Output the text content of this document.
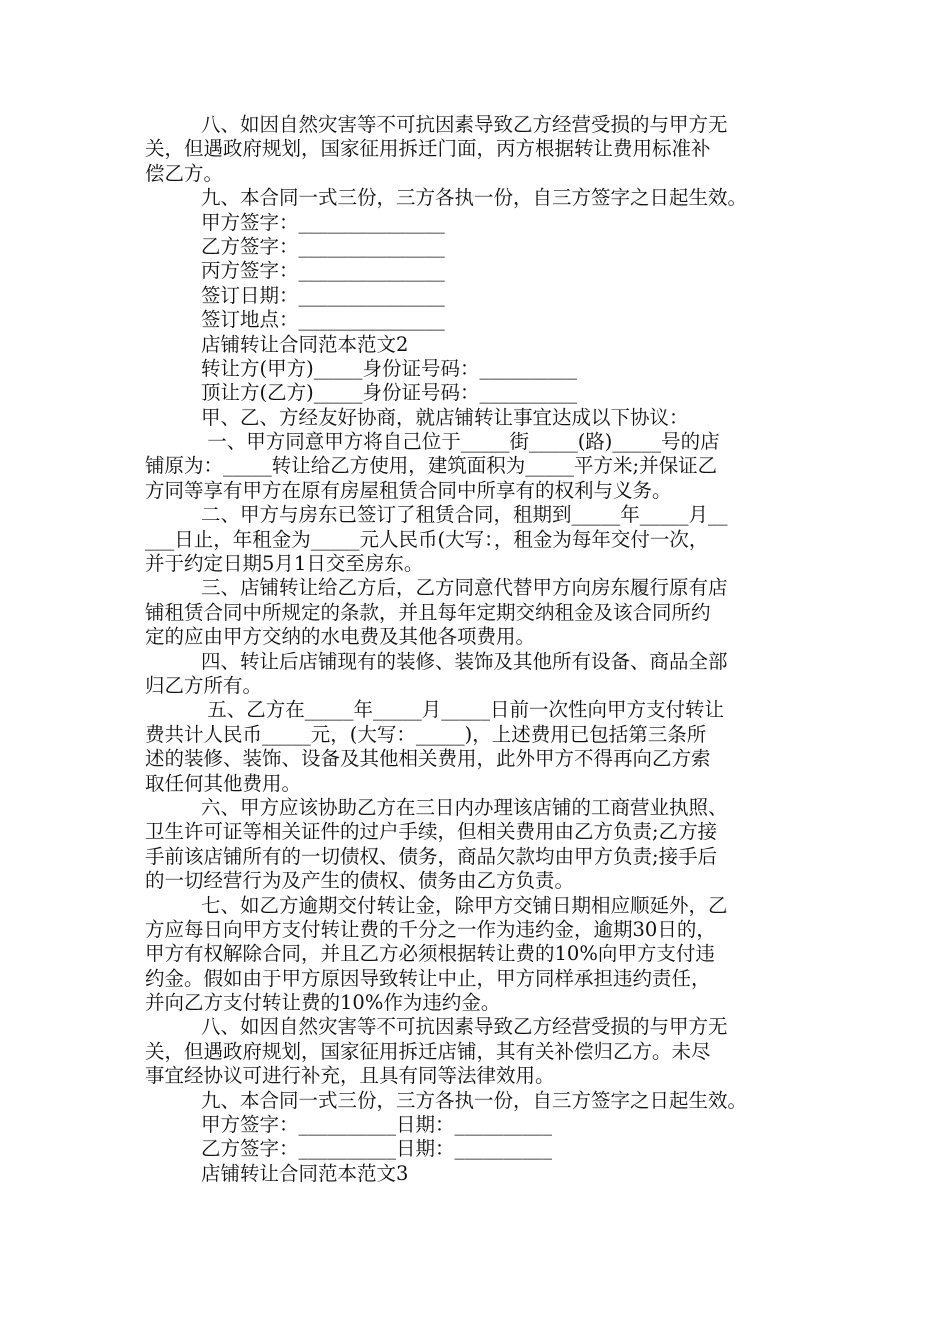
八、如因自然灾害等不可抗因素导致乙方经营受损的与甲方无
关，但遇政府规划，国家征用拆迁门面，丙方根据转让费用标准补
偿乙方。
九、本合同一式三份，三方各执一份，自三方签字之日起生效。
甲方签字：_______________
乙方签字：_______________
丙方签字：_______________
签订日期：_______________
签订地点：_______________
店铺转让合同范本范文2
转让方(甲方)_____身份证号码：__________
顶让方(乙方)_____身份证号码：__________
甲、乙、方经友好协商，就店铺转让事宜达成以下协议：
一、甲方同意甲方将自己位于_____街_____(路)_____号的店
铺原为：_____转让给乙方使用，建筑面积为_____平方米;并保证乙
方同等享有甲方在原有房屋租赁合同中所享有的权利与义务。
二、甲方与房东已签订了租赁合同，租期到_____年_____月__
___日止，年租金为_____元人民币(大写：，租金为每年交付一次，
并于约定日期5月1日交至房东。
三、店铺转让给乙方后，乙方同意代替甲方向房东履行原有店
铺租赁合同中所规定的条款，并且每年定期交纳租金及该合同所约
定的应由甲方交纳的水电费及其他各项费用。
四、转让后店铺现有的装修、装饰及其他所有设备、商品全部
归乙方所有。
五、乙方在_____年_____月_____日前一次性向甲方支付转让
费共计人民币_____元，(大写：_____)，上述费用已包括第三条所
述的装修、装饰、设备及其他相关费用，此外甲方不得再向乙方索
取任何其他费用。
六、甲方应该协助乙方在三日内办理该店铺的工商营业执照、
卫生许可证等相关证件的过户手续，但相关费用由乙方负责;乙方接
手前该店铺所有的一切债权、债务，商品欠款均由甲方负责;接手后
的一切经营行为及产生的债权、债务由乙方负责。
七、如乙方逾期交付转让金，除甲方交铺日期相应顺延外，乙
方应每日向甲方支付转让费的千分之一作为违约金，逾期30日的，
甲方有权解除合同，并且乙方必须根据转让费的10%向甲方支付违
约金。假如由于甲方原因导致转让中止，甲方同样承担违约责任，
并向乙方支付转让费的10%作为违约金。
八、如因自然灾害等不可抗因素导致乙方经营受损的与甲方无
关，但遇政府规划，国家征用拆迁店铺，其有关补偿归乙方。未尽
事宜经协议可进行补充，且具有同等法律效用。
九、本合同一式三份，三方各执一份，自三方签字之日起生效。
甲方签字：__________日期：__________
乙方签字：__________日期：__________
店铺转让合同范本范文3
